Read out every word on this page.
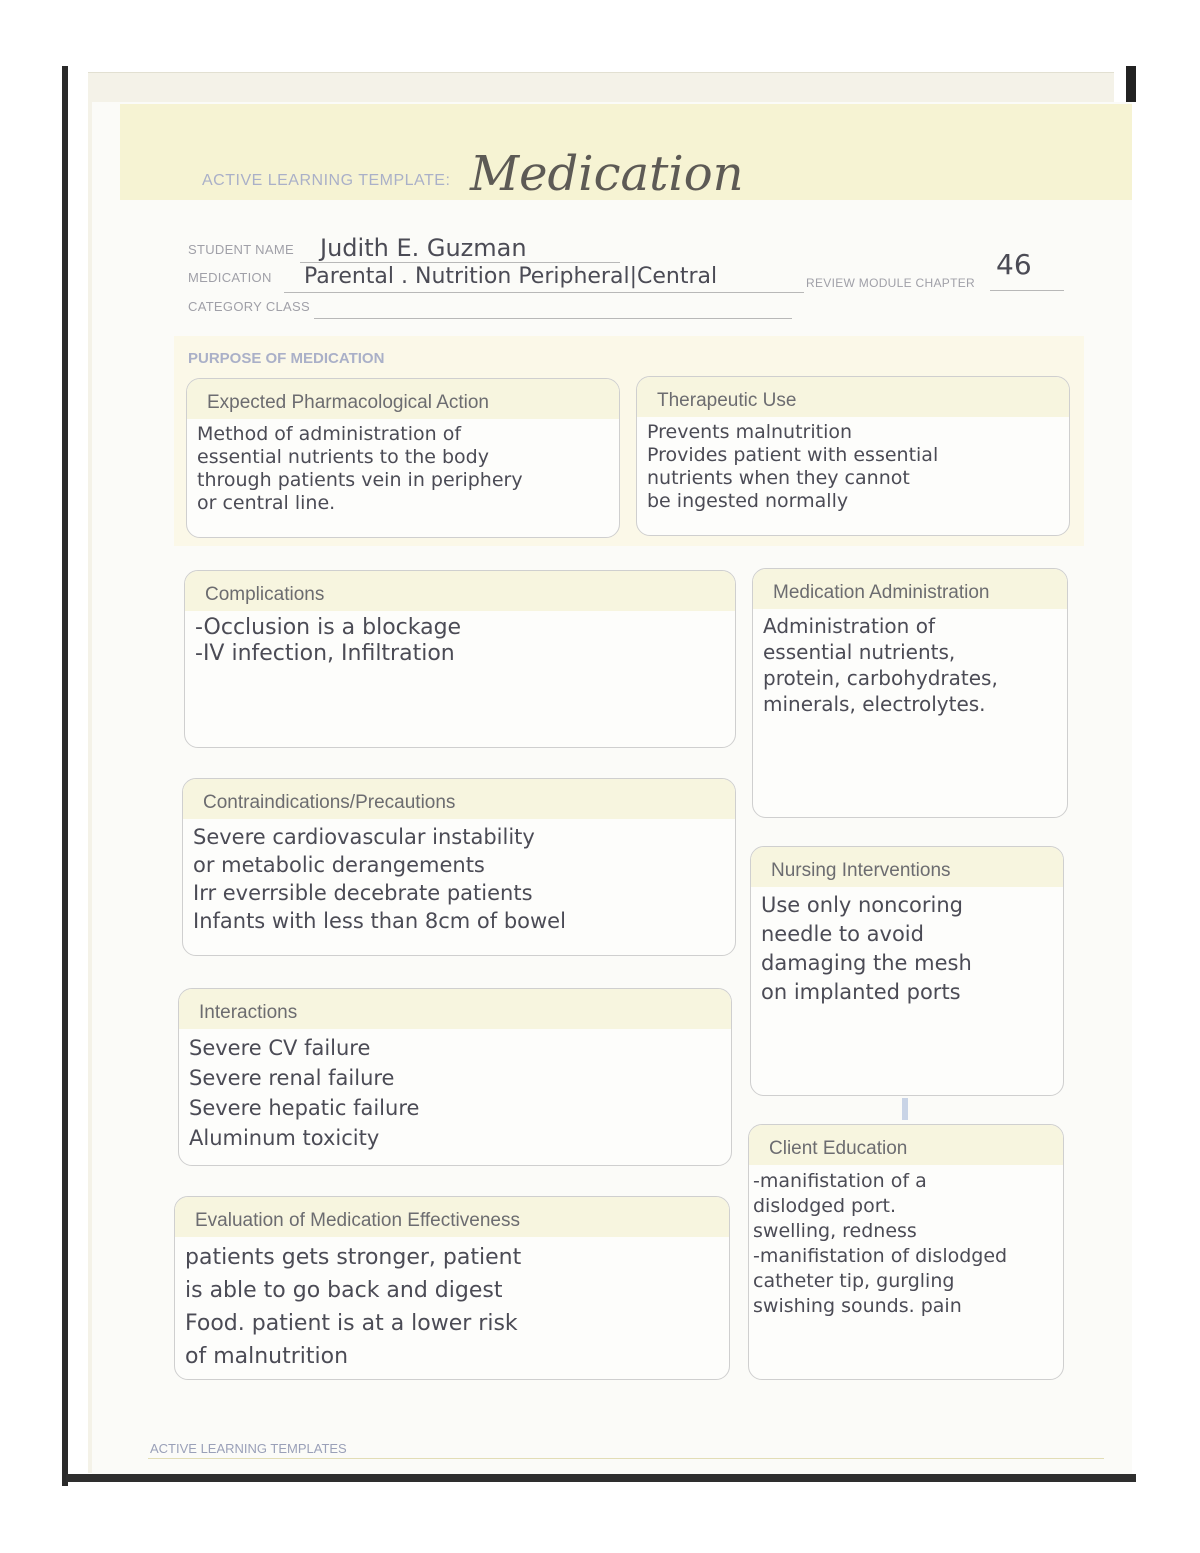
ACTIVE LEARNING TEMPLATE: Medication
STUDENT NAME Judith E. Guzman
MEDICATION Parental . Nutrition Peripheral|Central	REVIEW MODULE CHAPTER
46
CATEGORY CLASS
PURPOSE OF MEDICATION
Expected Pharmacological Action
Method of administration of
essential nutrients to the body
through patients vein in periphery
or central line.
Therapeutic Use
Prevents malnutrition
Provides patient with essential
nutrients when they cannot
be ingested normally
Complications
-Occlusion is a blockage
-IV infection, Infiltration
Medication Administration
Administration of
essential nutrients,
protein, carbohydrates,
minerals, electrolytes.
Contraindications/Precautions
Severe cardiovascular instability
or metabolic derangements
Irr everrsible decebrate patients
Infants with less than 8cm of bowel
Nursing Interventions
Use only noncoring
needle to avoid
damaging the mesh
on implanted ports
Interactions
Severe CV failure
Severe renal failure
Severe hepatic failure
Aluminum toxicity	Client Education
-manifistation of a
dislodged port.
swelling, redness
-manifistation of dislodged
catheter tip, gurgling
swishing sounds. pain
Evaluation of Medication Effectiveness
patients gets stronger, patient
is able to go back and digest
Food. patient is at a lower risk
of malnutrition
ACTIVE LEARNING TEMPLATES
